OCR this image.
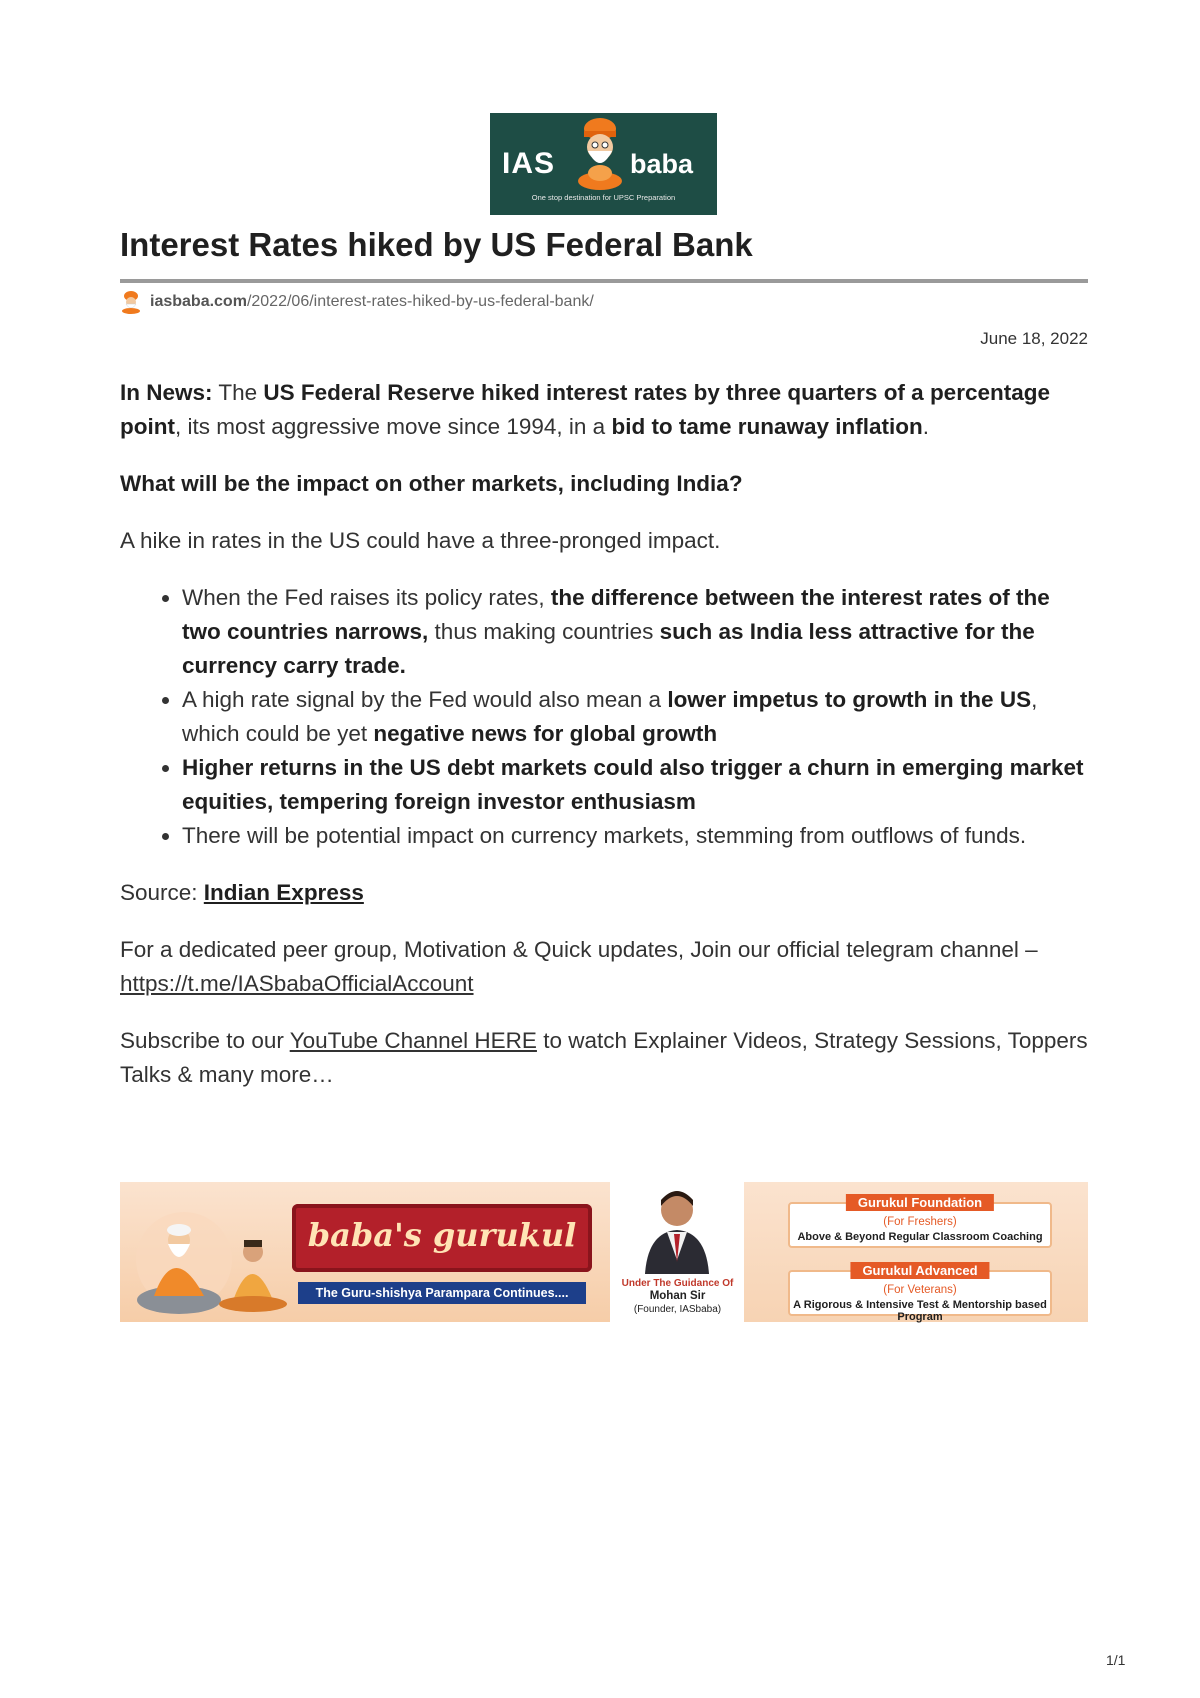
IAS	baba
One stop destination for UPSC Preparation
Interest Rates hiked by US Federal Bank
iasbaba.com /2022/06/interest-rates-hiked-by-us-federal-bank/
June 18, 2022

In News: The US Federal Reserve hiked interest rates by three quarters of a percentage point, its most aggressive move since 1994, in a bid to tame runaway inflation.

What will be the impact on other markets, including India?

A hike in rates in the US could have a three-pronged impact.

• When the Fed raises its policy rates, the difference between the interest rates of the two countries narrows, thus making countries such as India less attractive for the currency carry trade.
• A high rate signal by the Fed would also mean a lower impetus to growth in the US, which could be yet negative news for global growth
• Higher returns in the US debt markets could also trigger a churn in emerging market equities, tempering foreign investor enthusiasm
• There will be potential impact on currency markets, stemming from outflows of funds.

Source: Indian Express

For a dedicated peer group, Motivation & Quick updates, Join our official telegram channel – https://t.me/IASbabaOfficialAccount

Subscribe to our YouTube Channel HERE to watch Explainer Videos, Strategy Sessions, Toppers Talks & many more…

baba's gurukul
The Guru-shishya Parampara Continues....
Under The Guidance Of
Mohan Sir
(Founder, IASbaba)
Gurukul Foundation
(For Freshers)
Above & Beyond Regular Classroom Coaching
Gurukul Advanced
(For Veterans)
A Rigorous & Intensive Test & Mentorship based Program
1/1
